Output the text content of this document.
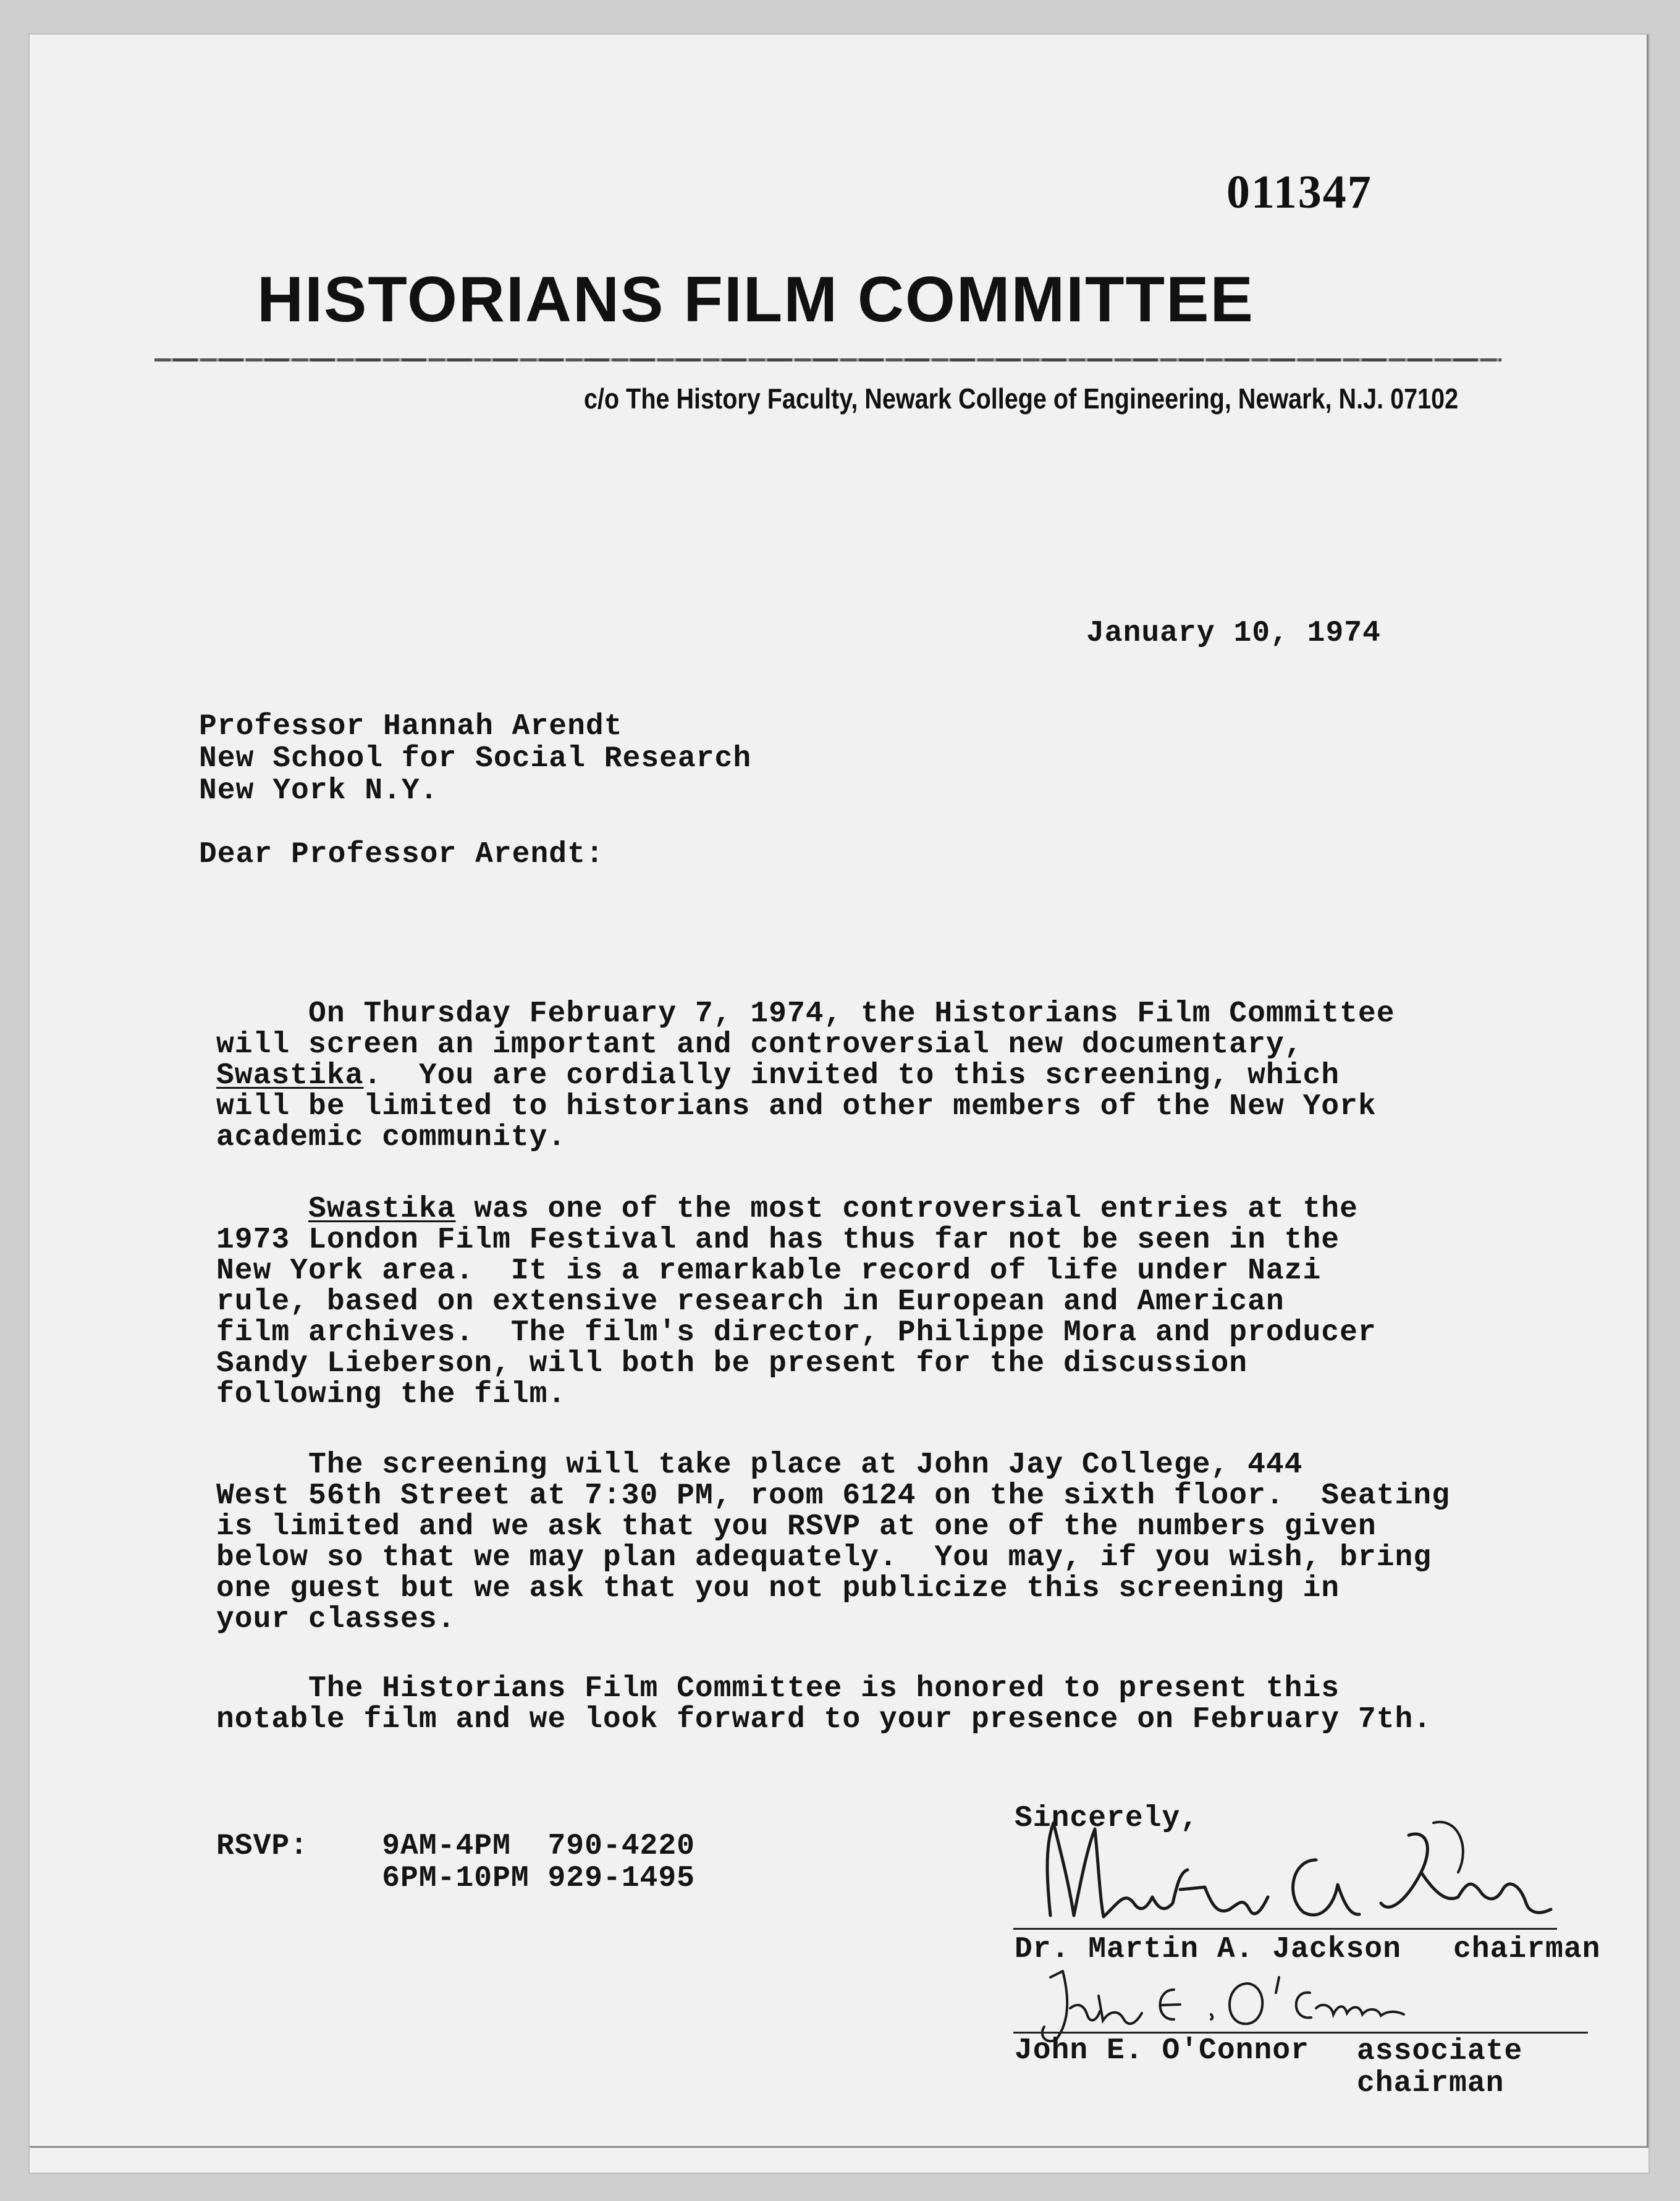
011347
HISTORIANS FILM COMMITTEE
c/o The History Faculty, Newark College of Engineering, Newark, N.J. 07102
January 10, 1974
Professor Hannah Arendt
New School for Social Research
New York N.Y.
Dear Professor Arendt:
On Thursday February 7, 1974, the Historians Film Committee
will screen an important and controversial new documentary,
Swastika.  You are cordially invited to this screening, which
will be limited to historians and other members of the New York
academic community.
Swastika was one of the most controversial entries at the
1973 London Film Festival and has thus far not be seen in the
New York area.  It is a remarkable record of life under Nazi
rule, based on extensive research in European and American
film archives.  The film's director, Philippe Mora and producer
Sandy Lieberson, will both be present for the discussion
following the film.
The screening will take place at John Jay College, 444
West 56th Street at 7:30 PM, room 6124 on the sixth floor.  Seating
is limited and we ask that you RSVP at one of the numbers given
below so that we may plan adequately.  You may, if you wish, bring
one guest but we ask that you not publicize this screening in
your classes.
The Historians Film Committee is honored to present this
notable film and we look forward to your presence on February 7th.
RSVP: 9AM-4PM  790-4220
6PM-10PM 929-1495
Sincerely,
Dr. Martin A. Jackson chairman
John E. O'Connor associate
chairman
